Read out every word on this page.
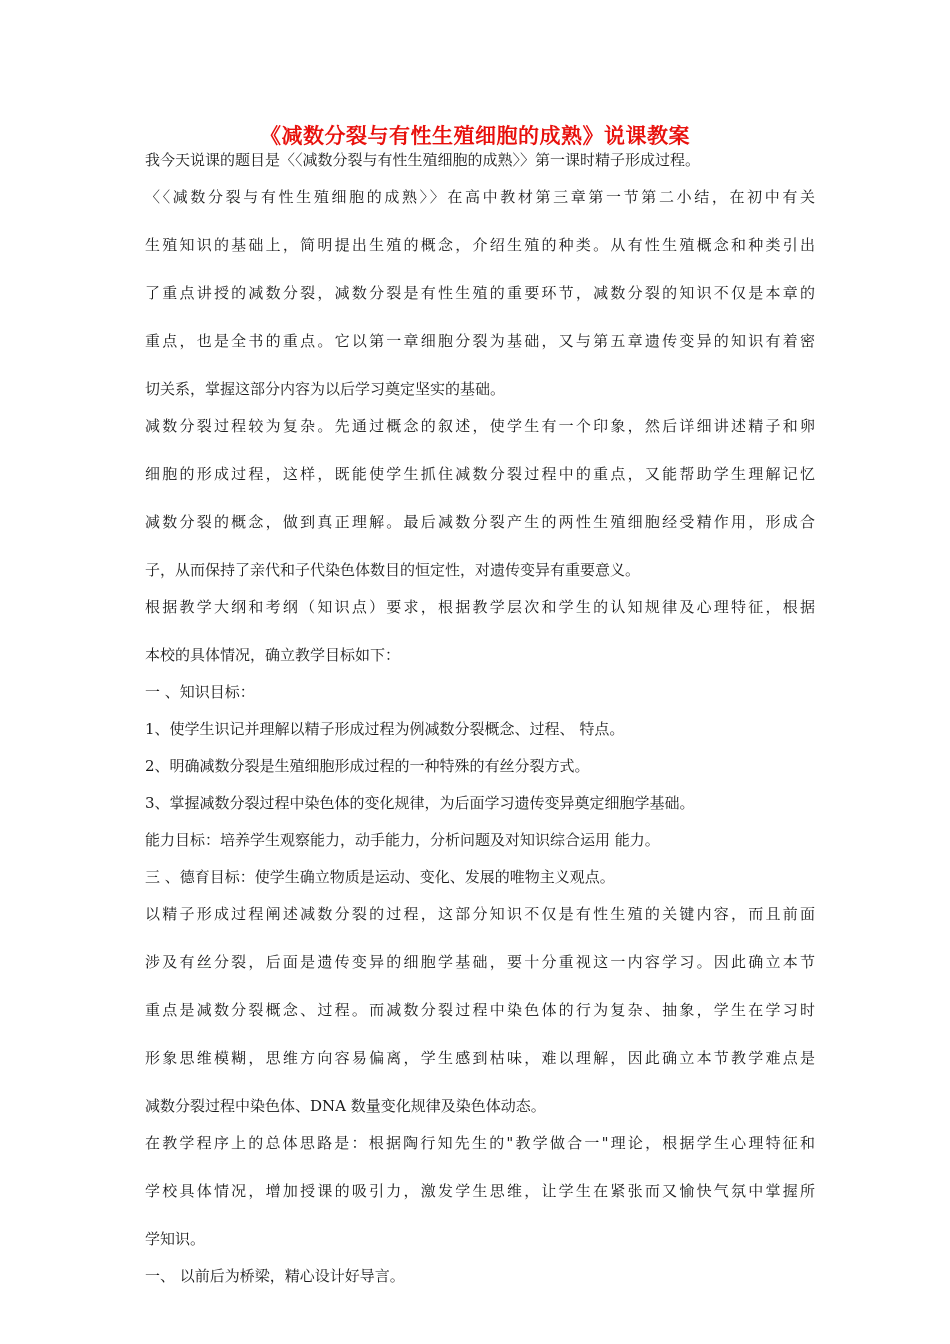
《减数分裂与有性生殖细胞的成熟》说课教案
我今天说课的题目是〈〈减数分裂与有性生殖细胞的成熟〉〉第一课时精子形成过程。
〈〈减数分裂与有性生殖细胞的成熟〉〉在高中教材第三章第一节第二小结，在初中有关
生殖知识的基础上，简明提出生殖的概念，介绍生殖的种类。从有性生殖概念和种类引出
了重点讲授的减数分裂，减数分裂是有性生殖的重要环节，减数分裂的知识不仅是本章的
重点，也是全书的重点。它以第一章细胞分裂为基础，又与第五章遗传变异的知识有着密
切关系，掌握这部分内容为以后学习奠定坚实的基础。
减数分裂过程较为复杂。先通过概念的叙述，使学生有一个印象，然后详细讲述精子和卵
细胞的形成过程，这样，既能使学生抓住减数分裂过程中的重点，又能帮助学生理解记忆
减数分裂的概念，做到真正理解。最后减数分裂产生的两性生殖细胞经受精作用，形成合
子，从而保持了亲代和子代染色体数目的恒定性，对遗传变异有重要意义。
根据教学大纲和考纲（知识点）要求，根据教学层次和学生的认知规律及心理特征，根据
本校的具体情况，确立教学目标如下：
一 、知识目标：
1、使学生识记并理解以精子形成过程为例减数分裂概念、过程、 特点。
2、明确减数分裂是生殖细胞形成过程的一种特殊的有丝分裂方式。
3、掌握减数分裂过程中染色体的变化规律，为后面学习遗传变异奠定细胞学基础。
能力目标：培养学生观察能力，动手能力，分析问题及对知识综合运用 能力。
三 、德育目标：使学生确立物质是运动、变化、发展的唯物主义观点。
以精子形成过程阐述减数分裂的过程，这部分知识不仅是有性生殖的关键内容，而且前面
涉及有丝分裂，后面是遗传变异的细胞学基础，要十分重视这一内容学习。因此确立本节
重点是减数分裂概念、过程。而减数分裂过程中染色体的行为复杂、抽象，学生在学习时
形象思维模糊，思维方向容易偏离，学生感到枯味，难以理解，因此确立本节教学难点是
减数分裂过程中染色体、DNA 数量变化规律及染色体动态。
在教学程序上的总体思路是：根据陶行知先生的"教学做合一"理论，根据学生心理特征和
学校具体情况，增加授课的吸引力，激发学生思维，让学生在紧张而又愉快气氛中掌握所
学知识。
一、 以前后为桥梁，精心设计好导言。
